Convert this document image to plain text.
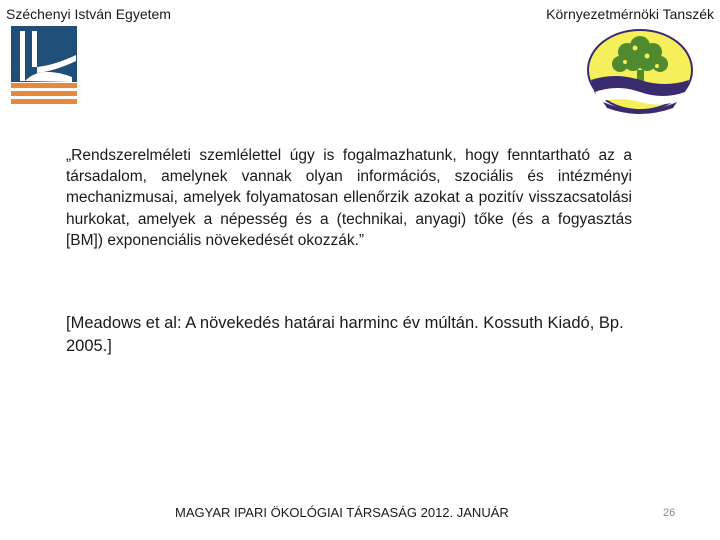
Széchenyi István Egyetem	Környezetmérnöki Tanszék
„Rendszerelméleti szemlélettel úgy is fogalmazhatunk, hogy fenntartható az a társadalom, amelynek vannak olyan információs, szociális és intézményi mechanizmusai, amelyek folyamatosan ellenőrzik azokat a pozitív visszacsatolási hurkokat, amelyek a népesség és a (technikai, anyagi) tőke (és a fogyasztás [BM]) exponenciális növekedését okozzák.”
[Meadows et al: A növekedés határai harminc év múltán. Kossuth Kiadó, Bp. 2005.]
MAGYAR IPARI ÖKOLÓGIAI TÁRSASÁG 2012. JANUÁR	26
